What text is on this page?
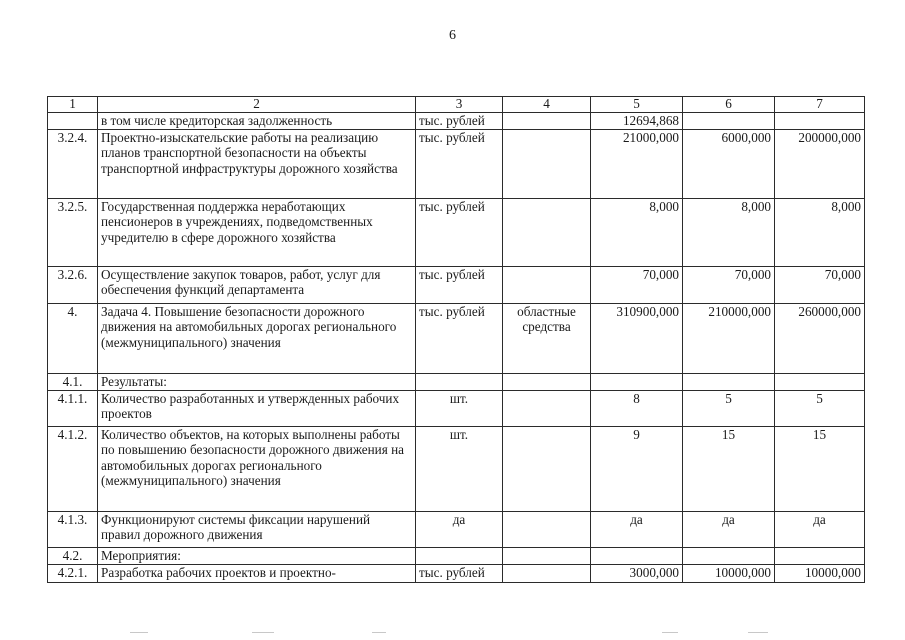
6
1	2	3	4	5	6	7
	в том числе кредиторская задолженность	тыс. рублей		12694,868		
3.2.4.	Проектно-изыскательские работы на реализацию планов транспортной безопасности на объекты транспортной инфраструктуры дорожного хозяйства	тыс. рублей		21000,000	6000,000	200000,000
3.2.5.	Государственная поддержка неработающих пенсионеров в учреждениях, подведомственных учредителю в сфере дорожного хозяйства	тыс. рублей		8,000	8,000	8,000
3.2.6.	Осуществление закупок товаров, работ, услуг для обеспечения функций департамента	тыс. рублей		70,000	70,000	70,000
4.	Задача 4. Повышение безопасности дорожного движения на автомобильных дорогах регионального (межмуниципального) значения	тыс. рублей	областные средства	310900,000	210000,000	260000,000
4.1.	Результаты:					
4.1.1.	Количество разработанных и утвержденных рабочих проектов	шт.		8	5	5
4.1.2.	Количество объектов, на которых выполнены работы по повышению безопасности дорожного движения на автомобильных дорогах регионального (межмуниципального) значения	шт.		9	15	15
4.1.3.	Функционируют системы фиксации нарушений правил дорожного движения	да		да	да	да
4.2.	Мероприятия:					
4.2.1.	Разработка рабочих проектов и проектно-	тыс. рублей		3000,000	10000,000	10000,000
